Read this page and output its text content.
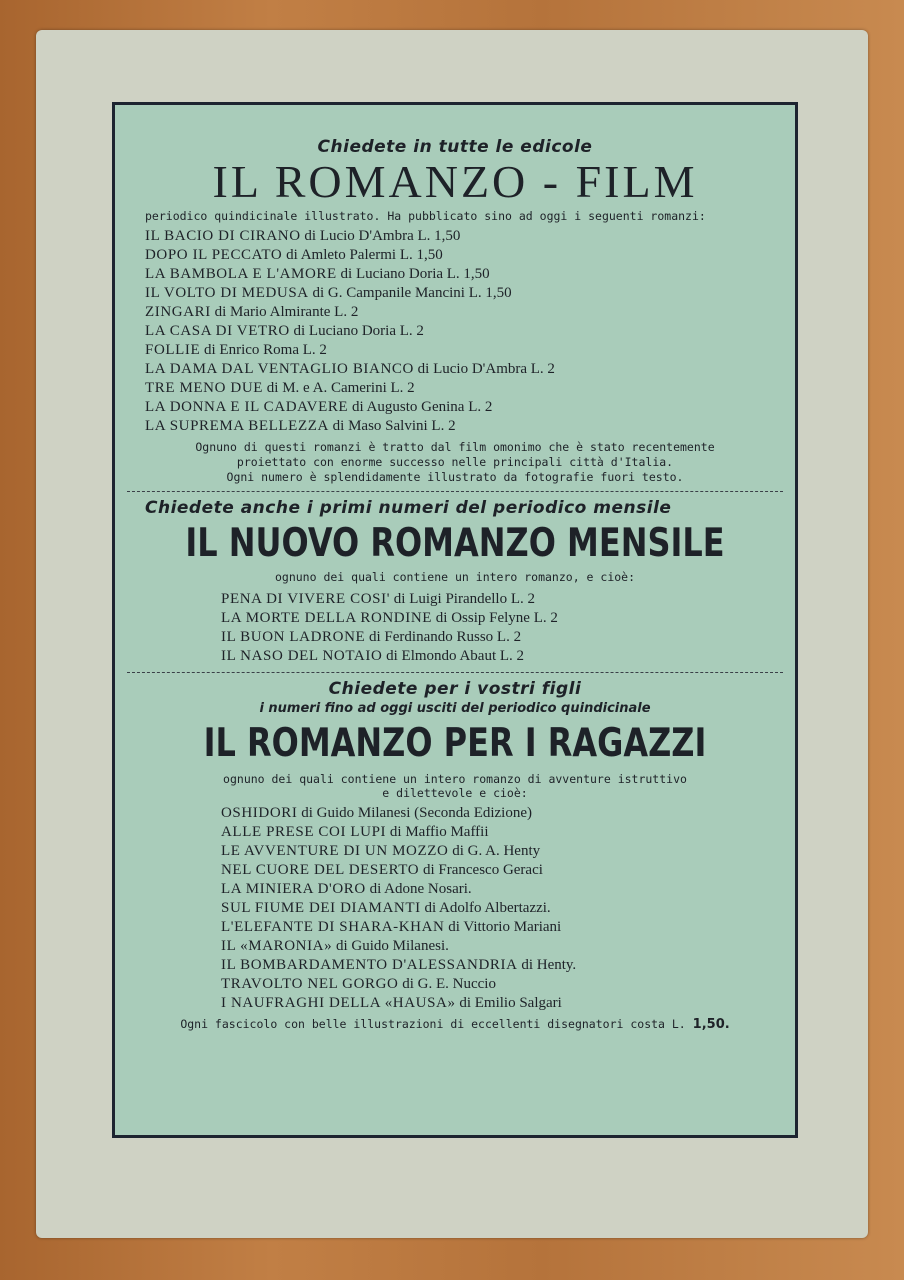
Chiedete in tutte le edicole

IL ROMANZO - FILM

periodico quindicinale illustrato. Ha pubblicato sino ad oggi i seguenti romanzi:

IL BACIO DI CIRANO di Lucio D'Ambra L. 1,50
DOPO IL PECCATO di Amleto Palermi L. 1,50
LA BAMBOLA E L'AMORE di Luciano Doria L. 1,50
IL VOLTO DI MEDUSA di G. Campanile Mancini L. 1,50
ZINGARI di Mario Almirante L. 2
LA CASA DI VETRO di Luciano Doria L. 2
FOLLIE di Enrico Roma L. 2
LA DAMA DAL VENTAGLIO BIANCO di Lucio D'Ambra L. 2
TRE MENO DUE di M. e A. Camerini L. 2
LA DONNA E IL CADAVERE di Augusto Genina L. 2
LA SUPREMA BELLEZZA di Maso Salvini L. 2

Ognuno di questi romanzi è tratto dal film omonimo che è stato recentemente

proiettato con enorme successo nelle principali città d'Italia.

Ogni numero è splendidamente illustrato da fotografie fuori testo.

Chiedete anche i primi numeri del periodico mensile

IL NUOVO ROMANZO MENSILE

ognuno dei quali contiene un intero romanzo, e cioè:

PENA DI VIVERE COSI' di Luigi Pirandello L. 2
LA MORTE DELLA RONDINE di Ossip Felyne L. 2
IL BUON LADRONE di Ferdinando Russo L. 2
IL NASO DEL NOTAIO di Elmondo Abaut L. 2

Chiedete per i vostri figli

i numeri fino ad oggi usciti del periodico quindicinale

IL ROMANZO PER I RAGAZZI

ognuno dei quali contiene un intero romanzo di avventure istruttivo

e dilettevole e cioè:

OSHIDORI di Guido Milanesi (Seconda Edizione)
ALLE PRESE COI LUPI di Maffio Maffii
LE AVVENTURE DI UN MOZZO di G. A. Henty
NEL CUORE DEL DESERTO di Francesco Geraci
LA MINIERA D'ORO di Adone Nosari.
SUL FIUME DEI DIAMANTI di Adolfo Albertazzi.
L'ELEFANTE DI SHARA-KHAN di Vittorio Mariani
IL «MARONIA» di Guido Milanesi.
IL BOMBARDAMENTO D'ALESSANDRIA di Henty.
TRAVOLTO NEL GORGO di G. E. Nuccio
I NAUFRAGHI DELLA «HAUSA» di Emilio Salgari

Ogni fascicolo con belle illustrazioni di eccellenti disegnatori costa L. 1,50.
